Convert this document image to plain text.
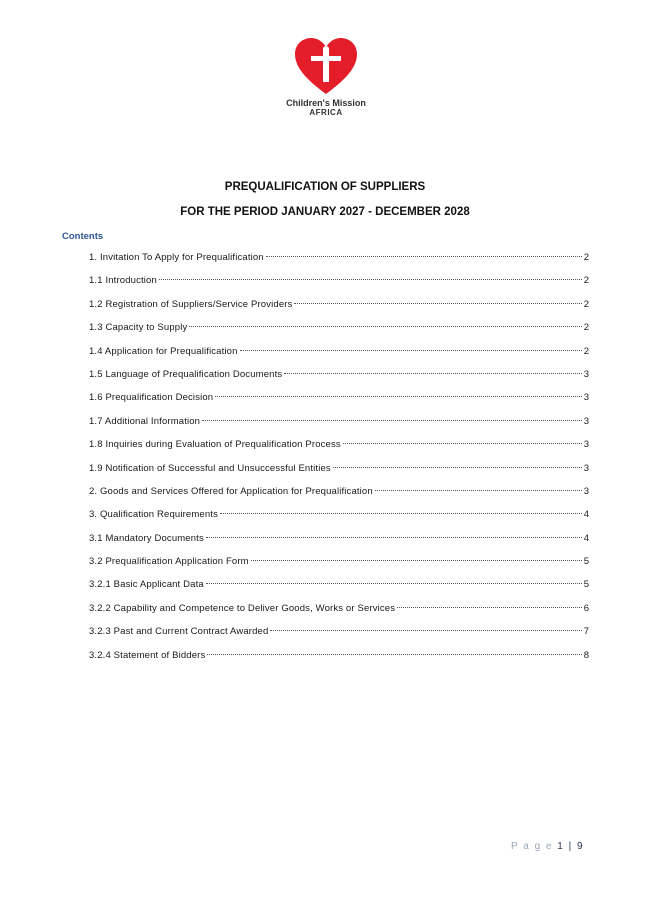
Children's Mission
AFRICA
PREQUALIFICATION OF SUPPLIERS
FOR THE PERIOD JANUARY 2027 - DECEMBER 2028
Contents
1. Invitation To Apply for Prequalification	2
1.1 Introduction	2
1.2 Registration of Suppliers/Service Providers	2
1.3 Capacity to Supply	2
1.4 Application for Prequalification	2
1.5 Language of Prequalification Documents	3
1.6 Prequalification Decision	3
1.7 Additional Information	3
1.8 Inquiries during Evaluation of Prequalification Process	3
1.9 Notification of Successful and Unsuccessful Entities	3
2. Goods and Services Offered for Application for Prequalification	3
3. Qualification Requirements	4
3.1 Mandatory Documents	4
3.2 Prequalification Application Form	5
3.2.1 Basic Applicant Data	5
3.2.2 Capability and Competence to Deliver Goods, Works or Services	6
3.2.3 Past and Current Contract Awarded	7
3.2.4 Statement of Bidders	8
P a g e 1 | 9
